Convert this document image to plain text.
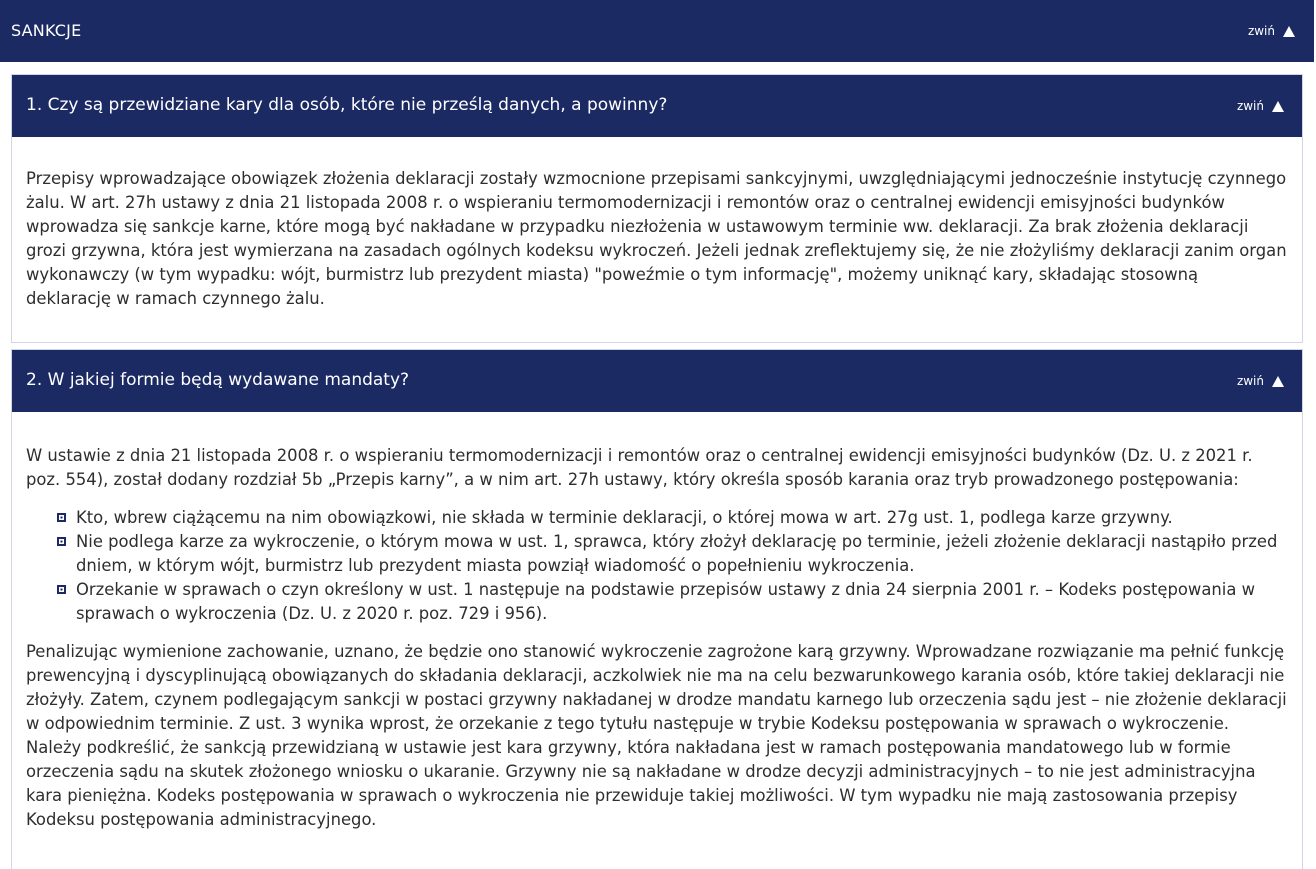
SANKCJE	zwiń
1. Czy są przewidziane kary dla osób, które nie prześlą danych, a powinny?	zwiń

Przepisy wprowadzające obowiązek złożenia deklaracji zostały wzmocnione przepisami sankcyjnymi, uwzględniającymi jednocześnie instytucję czynnego żalu. W art. 27h ustawy z dnia 21 listopada 2008 r. o wspieraniu termomodernizacji i remontów oraz o centralnej ewidencji emisyjności budynków wprowadza się sankcje karne, które mogą być nakładane w przypadku niezłożenia w ustawowym terminie ww. deklaracji. Za brak złożenia deklaracji grozi grzywna, która jest wymierzana na zasadach ogólnych kodeksu wykroczeń. Jeżeli jednak zreflektujemy się, że nie złożyliśmy deklaracji zanim organ wykonawczy (w tym wypadku: wójt, burmistrz lub prezydent miasta) "poweźmie o tym informację", możemy uniknąć kary, składając stosowną deklarację w ramach czynnego żalu.

2. W jakiej formie będą wydawane mandaty?	zwiń

W ustawie z dnia 21 listopada 2008 r. o wspieraniu termomodernizacji i remontów oraz o centralnej ewidencji emisyjności budynków (Dz. U. z 2021 r. poz. 554), został dodany rozdział 5b „Przepis karny”, a w nim art. 27h ustawy, który określa sposób karania oraz tryb prowadzonego postępowania:

Kto, wbrew ciążącemu na nim obowiązkowi, nie składa w terminie deklaracji, o której mowa w art. 27g ust. 1, podlega karze grzywny.
Nie podlega karze za wykroczenie, o którym mowa w ust. 1, sprawca, który złożył deklarację po terminie, jeżeli złożenie deklaracji nastąpiło przed dniem, w którym wójt, burmistrz lub prezydent miasta powziął wiadomość o popełnieniu wykroczenia.
Orzekanie w sprawach o czyn określony w ust. 1 następuje na podstawie przepisów ustawy z dnia 24 sierpnia 2001 r. – Kodeks postępowania w sprawach o wykroczenia (Dz. U. z 2020 r. poz. 729 i 956).

Penalizując wymienione zachowanie, uznano, że będzie ono stanowić wykroczenie zagrożone karą grzywny. Wprowadzane rozwiązanie ma pełnić funkcję prewencyjną i dyscyplinującą obowiązanych do składania deklaracji, aczkolwiek nie ma na celu bezwarunkowego karania osób, które takiej deklaracji nie złożyły. Zatem, czynem podlegającym sankcji w postaci grzywny nakładanej w drodze mandatu karnego lub orzeczenia sądu jest – nie złożenie deklaracji w odpowiednim terminie. Z ust. 3 wynika wprost, że orzekanie z tego tytułu następuje w trybie Kodeksu postępowania w sprawach o wykroczenie. Należy podkreślić, że sankcją przewidzianą w ustawie jest kara grzywny, która nakładana jest w ramach postępowania mandatowego lub w formie orzeczenia sądu na skutek złożonego wniosku o ukaranie. Grzywny nie są nakładane w drodze decyzji administracyjnych – to nie jest administracyjna kara pieniężna. Kodeks postępowania w sprawach o wykroczenia nie przewiduje takiej możliwości. W tym wypadku nie mają zastosowania przepisy Kodeksu postępowania administracyjnego.
